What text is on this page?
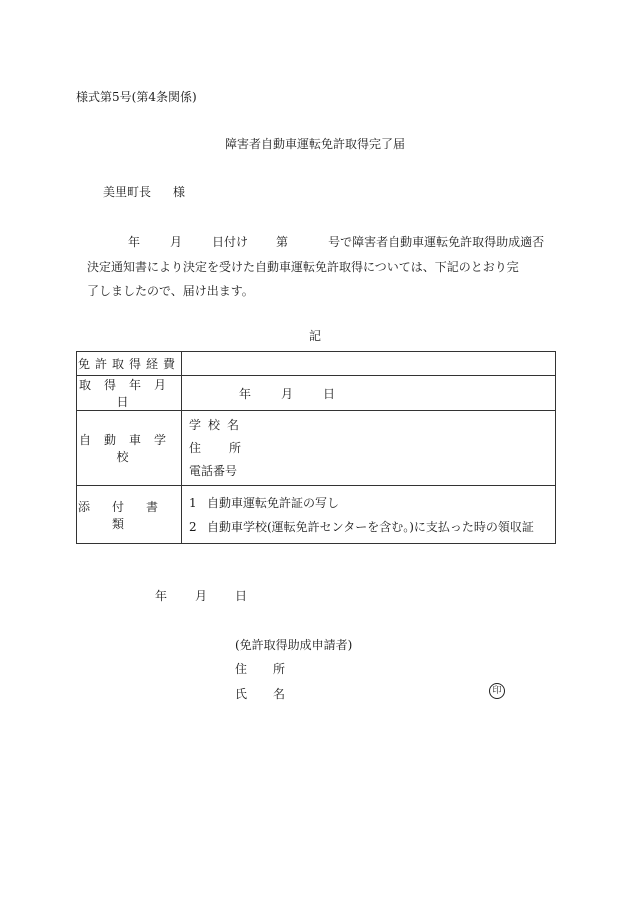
様式第5号(第4条関係)
障害者自動車運転免許取得完了届
美里町長 様
年	月	日付け 第	号で障害者自動車運転免許取得助成適否
決定通知書により決定を受けた自動車運転免許取得については、下記のとおり完
了しましたので、届け出ます。
記
免許取得経費	
取得年月日	年 月 日
自動車学校	学校名
住 所
電話番号

添付書類	1 自動車運転免許証の写し
2 自動車学校(運転免許センターを含む。)に支払った時の領収証
年 月 日
(免許取得助成申請者)
住 所
氏 名	印
